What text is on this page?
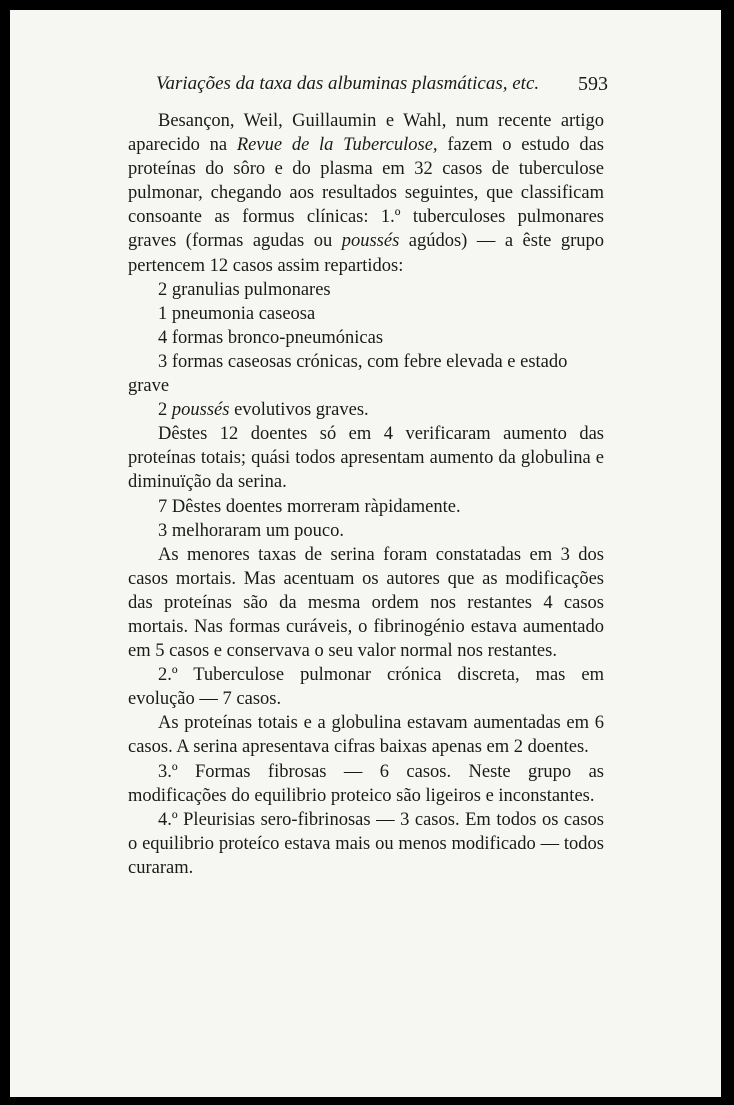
Variações da taxa das albuminas plasmáticas, etc. 593

Besançon, Weil, Guillaumin e Wahl, num recente artigo aparecido na Revue de la Tuberculose, fazem o estudo das proteínas do sôro e do plasma em 32 casos de tuberculose pulmonar, chegando aos resultados seguintes, que classificam consoante as formus clínicas: 1.º tuberculoses pulmonares graves (formas agudas ou poussés agúdos) — a êste grupo pertencem 12 casos assim repartidos:

2 granulias pulmonares

1 pneumonia caseosa

4 formas bronco-pneumónicas

3 formas caseosas crónicas, com febre elevada e estado

grave

2 poussés evolutivos graves.

Dêstes 12 doentes só em 4 verificaram aumento das proteínas totais; quási todos apresentam aumento da globulina e diminuïção da serina.

7 Dêstes doentes morreram ràpidamente.

3 melhoraram um pouco.

As menores taxas de serina foram constatadas em 3 dos casos mortais. Mas acentuam os autores que as modificações das proteínas são da mesma ordem nos restantes 4 casos mortais. Nas formas curáveis, o fibrinogénio estava aumentado em 5 casos e conservava o seu valor normal nos restantes.

2.º Tuberculose pulmonar crónica discreta, mas em evolução — 7 casos.

As proteínas totais e a globulina estavam aumentadas em 6 casos. A serina apresentava cifras baixas apenas em 2 doentes.

3.º Formas fibrosas — 6 casos. Neste grupo as modificações do equilibrio proteico são ligeiros e inconstantes.

4.º Pleurisias sero-fibrinosas — 3 casos. Em todos os casos o equilibrio proteíco estava mais ou menos modificado — todos curaram.
